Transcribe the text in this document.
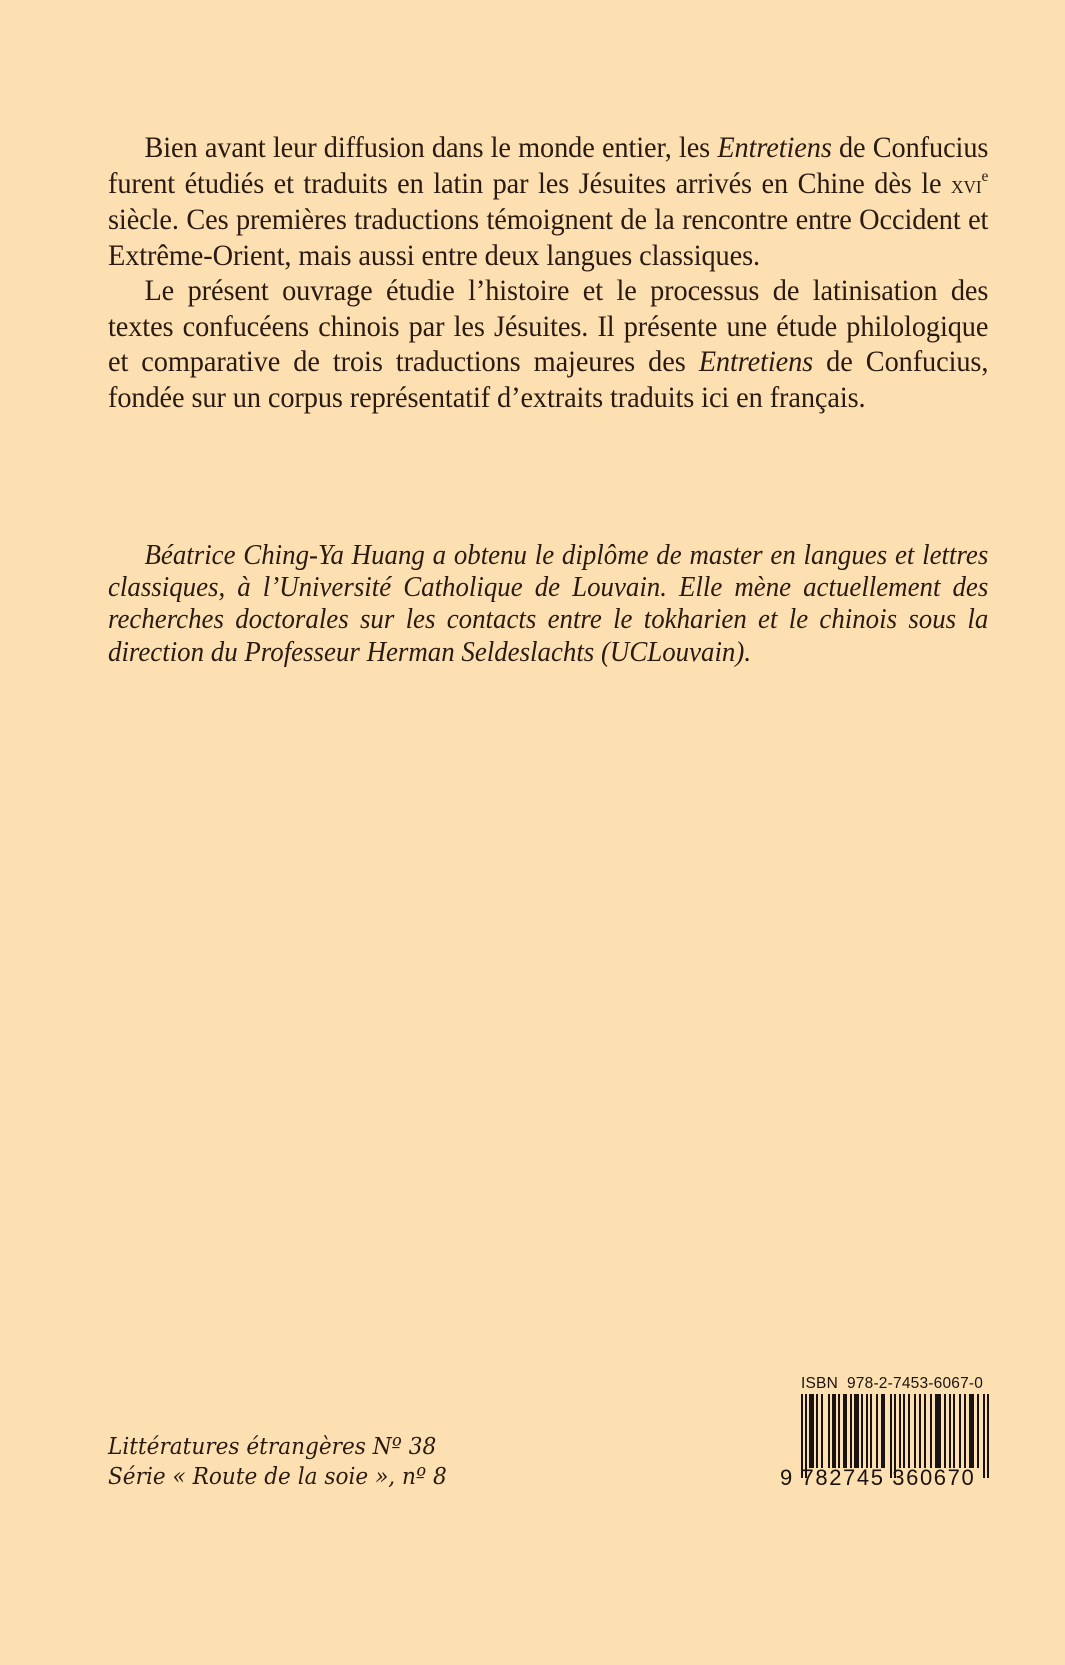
Bien avant leur diffusion dans le monde entier, les Entretiens de Confucius furent étudiés et traduits en latin par les Jésuites arrivés en Chine dès le xvi$^e$ siècle. Ces premières traductions témoignent de la rencontre entre Occident et Extrême-Orient, mais aussi entre deux langues classiques.

Le présent ouvrage étudie l’histoire et le processus de latinisation des textes confucéens chinois par les Jésuites. Il présente une étude philologique et comparative de trois traductions majeures des Entretiens de Confucius, fondée sur un corpus représentatif d’extraits traduits ici en français.

Béatrice Ching-Ya Huang a obtenu le diplôme de master en langues et lettres classiques, à l’Université Catholique de Louvain. Elle mène actuellement des recherches doctorales sur les contacts entre le tokharien et le chinois sous la direction du Professeur Herman Seldeslachts (UCLouvain).

Littératures étrangères Nº 38
Série « Route de la soie », nº 8
ISBN  978-2-7453-6067-0
9 782745 360670
